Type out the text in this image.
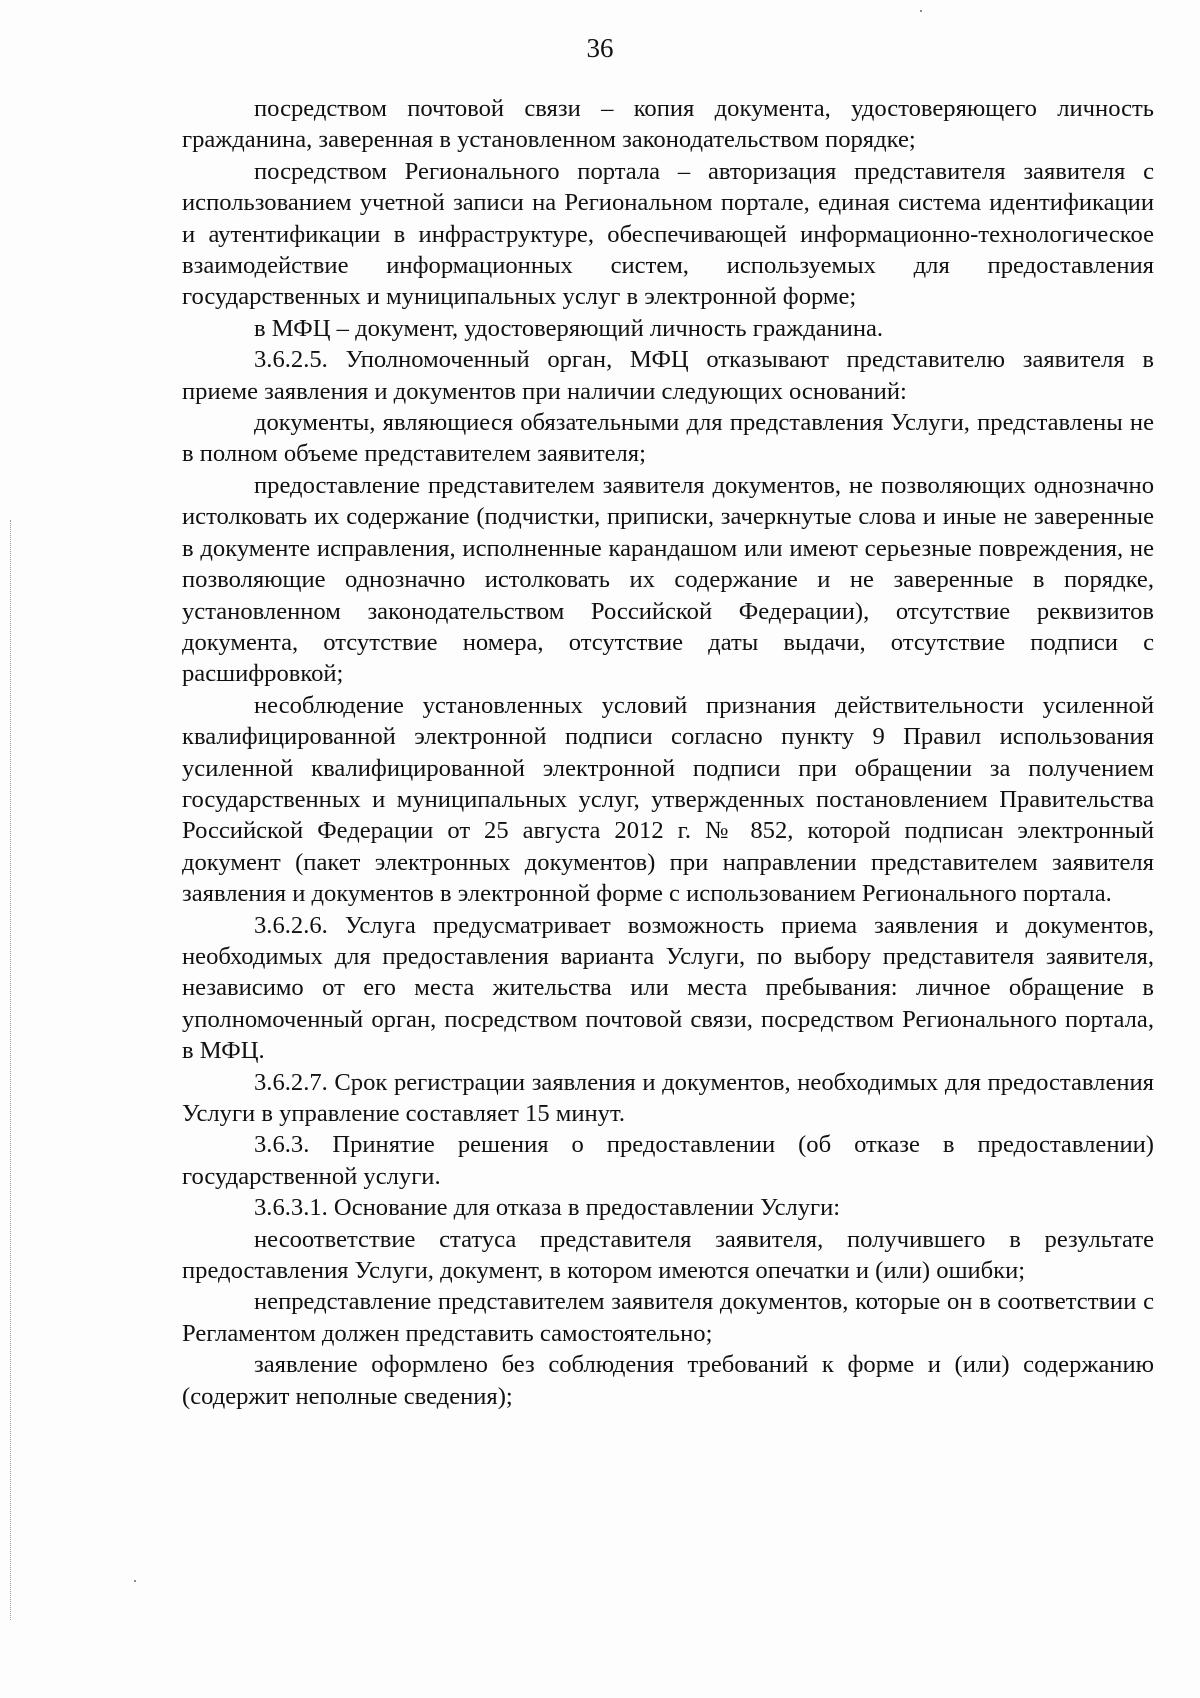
36

посредством почтовой связи – копия документа, удостоверяющего личность гражданина, заверенная в установленном законодательством порядке;

посредством Регионального портала – авторизация представителя заявителя с использованием учетной записи на Региональном портале, единая система идентификации и аутентификации в инфраструктуре, обеспечивающей информационно-технологическое взаимодействие информационных систем, используемых для предоставления государственных и муниципальных услуг в электронной форме;

в МФЦ – документ, удостоверяющий личность гражданина.

3.6.2.5. Уполномоченный орган, МФЦ отказывают представителю заявителя в приеме заявления и документов при наличии следующих оснований:

документы, являющиеся обязательными для представления Услуги, представлены не в полном объеме представителем заявителя;

предоставление представителем заявителя документов, не позволяющих однозначно истолковать их содержание (подчистки, приписки, зачеркнутые слова и иные не заверенные в документе исправления, исполненные карандашом или имеют серьезные повреждения, не позволяющие однозначно истолковать их содержание и не заверенные в порядке, установленном законодательством Российской Федерации), отсутствие реквизитов документа, отсутствие номера, отсутствие даты выдачи, отсутствие подписи с расшифровкой;

несоблюдение установленных условий признания действительности усиленной квалифицированной электронной подписи согласно пункту 9 Правил использования усиленной квалифицированной электронной подписи при обращении за получением государственных и муниципальных услуг, утвержденных постановлением Правительства Российской Федерации от 25 августа 2012 г. № 852, которой подписан электронный документ (пакет электронных документов) при направлении представителем заявителя заявления и документов в электронной форме с использованием Регионального портала.

3.6.2.6. Услуга предусматривает возможность приема заявления и документов, необходимых для предоставления варианта Услуги, по выбору представителя заявителя, независимо от его места жительства или места пребывания: личное обращение в уполномоченный орган, посредством почтовой связи, посредством Регионального портала, в МФЦ.

3.6.2.7. Срок регистрации заявления и документов, необходимых для предоставления Услуги в управление составляет 15 минут.

3.6.3. Принятие решения о предоставлении (об отказе в предоставлении) государственной услуги.

3.6.3.1. Основание для отказа в предоставлении Услуги:

несоответствие статуса представителя заявителя, получившего в результате предоставления Услуги, документ, в котором имеются опечатки и (или) ошибки;

непредставление представителем заявителя документов, которые он в соответствии с Регламентом должен представить самостоятельно;

заявление оформлено без соблюдения требований к форме и (или) содержанию (содержит неполные сведения);
